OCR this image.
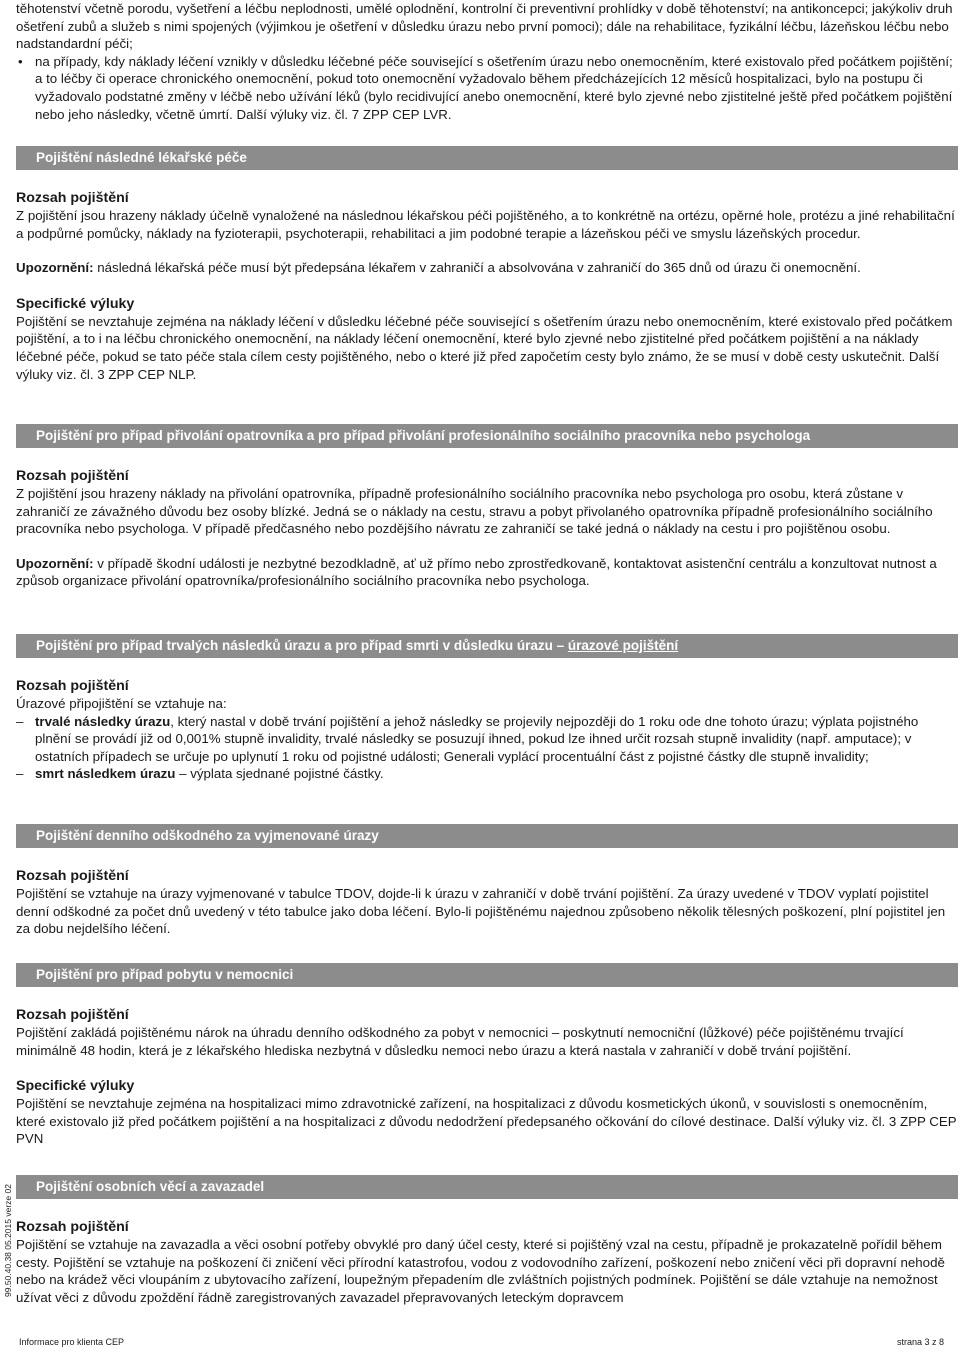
těhotenství včetně porodu, vyšetření a léčbu neplodnosti, umělé oplodnění, kontrolní či preventivní prohlídky v době těhotenství; na antikoncepci; jakýkoliv druh ošetření zubů a služeb s nimi spojených (výjimkou je ošetření v důsledku úrazu nebo první pomoci); dále na rehabilitace, fyzikální léčbu, lázeňskou léčbu nebo nadstandardní péči;

• na případy, kdy náklady léčení vznikly v důsledku léčebné péče související s ošetřením úrazu nebo onemocněním, které existovalo před počátkem pojištění; a to léčby či operace chronického onemocnění, pokud toto onemocnění vyžadovalo během předcházejících 12 měsíců hospitalizaci, bylo na postupu či vyžadovalo podstatné změny v léčbě nebo užívání léků (bylo recidivující anebo onemocnění, které bylo zjevné nebo zjistitelné ještě před počátkem pojištění nebo jeho následky, včetně úmrtí. Další výluky viz. čl. 7 ZPP CEP LVR.

Pojištění následné lékařské péče

Rozsah pojištění

Z pojištění jsou hrazeny náklady účelně vynaložené na následnou lékařskou péči pojištěného, a to konkrétně na ortézu, opěrné hole, protézu a jiné rehabilitační a podpůrné pomůcky, náklady na fyzioterapii, psychoterapii, rehabilitaci a jim podobné terapie a lázeňskou péči ve smyslu lázeňských procedur.

Upozornění: následná lékařská péče musí být předepsána lékařem v zahraničí a absolvována v zahraničí do 365 dnů od úrazu či onemocnění.

Specifické výluky

Pojištění se nevztahuje zejména na náklady léčení v důsledku léčebné péče související s ošetřením úrazu nebo onemocněním, které existovalo před počátkem pojištění, a to i na léčbu chronického onemocnění, na náklady léčení onemocnění, které bylo zjevné nebo zjistitelné před počátkem pojištění a na náklady léčebné péče, pokud se tato péče stala cílem cesty pojištěného, nebo o které již před započetím cesty bylo známo, že se musí v době cesty uskutečnit. Další výluky viz. čl. 3 ZPP CEP NLP.

Pojištění pro případ přivolání opatrovníka a pro případ přivolání profesionálního sociálního pracovníka nebo psychologa

Rozsah pojištění

Z pojištění jsou hrazeny náklady na přivolání opatrovníka, případně profesionálního sociálního pracovníka nebo psychologa pro osobu, která zůstane v zahraničí ze závažného důvodu bez osoby blízké. Jedná se o náklady na cestu, stravu a pobyt přivolaného opatrovníka případně profesionálního sociálního pracovníka nebo psychologa. V případě předčasného nebo pozdějšího návratu ze zahraničí se také jedná o náklady na cestu i pro pojištěnou osobu.

Upozornění: v případě škodní události je nezbytné bezodkladně, ať už přímo nebo zprostředkovaně, kontaktovat asistenční centrálu a konzultovat nutnost a způsob organizace přivolání opatrovníka/profesionálního sociálního pracovníka nebo psychologa.

Pojištění pro případ trvalých následků úrazu a pro případ smrti v důsledku úrazu – úrazové pojištění

Rozsah pojištění

Úrazové připojištění se vztahuje na:

– trvalé následky úrazu, který nastal v době trvání pojištění a jehož následky se projevily nejpozději do 1 roku ode dne tohoto úrazu; výplata pojistného plnění se provádí již od 0,001% stupně invalidity, trvalé následky se posuzují ihned, pokud lze ihned určit rozsah stupně invalidity (např. amputace); v ostatních případech se určuje po uplynutí 1 roku od pojistné události; Generali vyplácí procentuální část z pojistné částky dle stupně invalidity;

– smrt následkem úrazu – výplata sjednané pojistné částky.

Pojištění denního odškodného za vyjmenované úrazy

Rozsah pojištění

Pojištění se vztahuje na úrazy vyjmenované v tabulce TDOV, dojde-li k úrazu v zahraničí v době trvání pojištění. Za úrazy uvedené v TDOV vyplatí pojistitel denní odškodné za počet dnů uvedený v této tabulce jako doba léčení. Bylo-li pojištěnému najednou způsobeno několik tělesných poškození, plní pojistitel jen za dobu nejdelšího léčení.

Pojištění pro případ pobytu v nemocnici

Rozsah pojištění

Pojištění zakládá pojištěnému nárok na úhradu denního odškodného za pobyt v nemocnici – poskytnutí nemocniční (lůžkové) péče pojištěnému trvající minimálně 48 hodin, která je z lékařského hlediska nezbytná v důsledku nemoci nebo úrazu a která nastala v zahraničí v době trvání pojištění.

Specifické výluky

Pojištění se nevztahuje zejména na hospitalizaci mimo zdravotnické zařízení, na hospitalizaci z důvodu kosmetických úkonů, v souvislosti s onemocněním, které existovalo již před počátkem pojištění a na hospitalizaci z důvodu nedodržení předepsaného očkování do cílové destinace. Další výluky viz. čl. 3 ZPP CEP PVN

Pojištění osobních věcí a zavazadel

Rozsah pojištění

Pojištění se vztahuje na zavazadla a věci osobní potřeby obvyklé pro daný účel cesty, které si pojištěný vzal na cestu, případně je prokazatelně pořídil během cesty. Pojištění se vztahuje na poškození či zničení věci přírodní katastrofou, vodou z vodovodního zařízení, poškození nebo zničení věci při dopravní nehodě nebo na krádež věci vloupáním z ubytovacího zařízení, loupežným přepadením dle zvláštních pojistných podmínek. Pojištění se dále vztahuje na nemožnost užívat věci z důvodu zpoždění řádně zaregistrovaných zavazadel přepravovaných leteckým dopravcem

99.50.40.38 05.2015 verze 02
Informace pro klienta CEP	strana 3 z 8
